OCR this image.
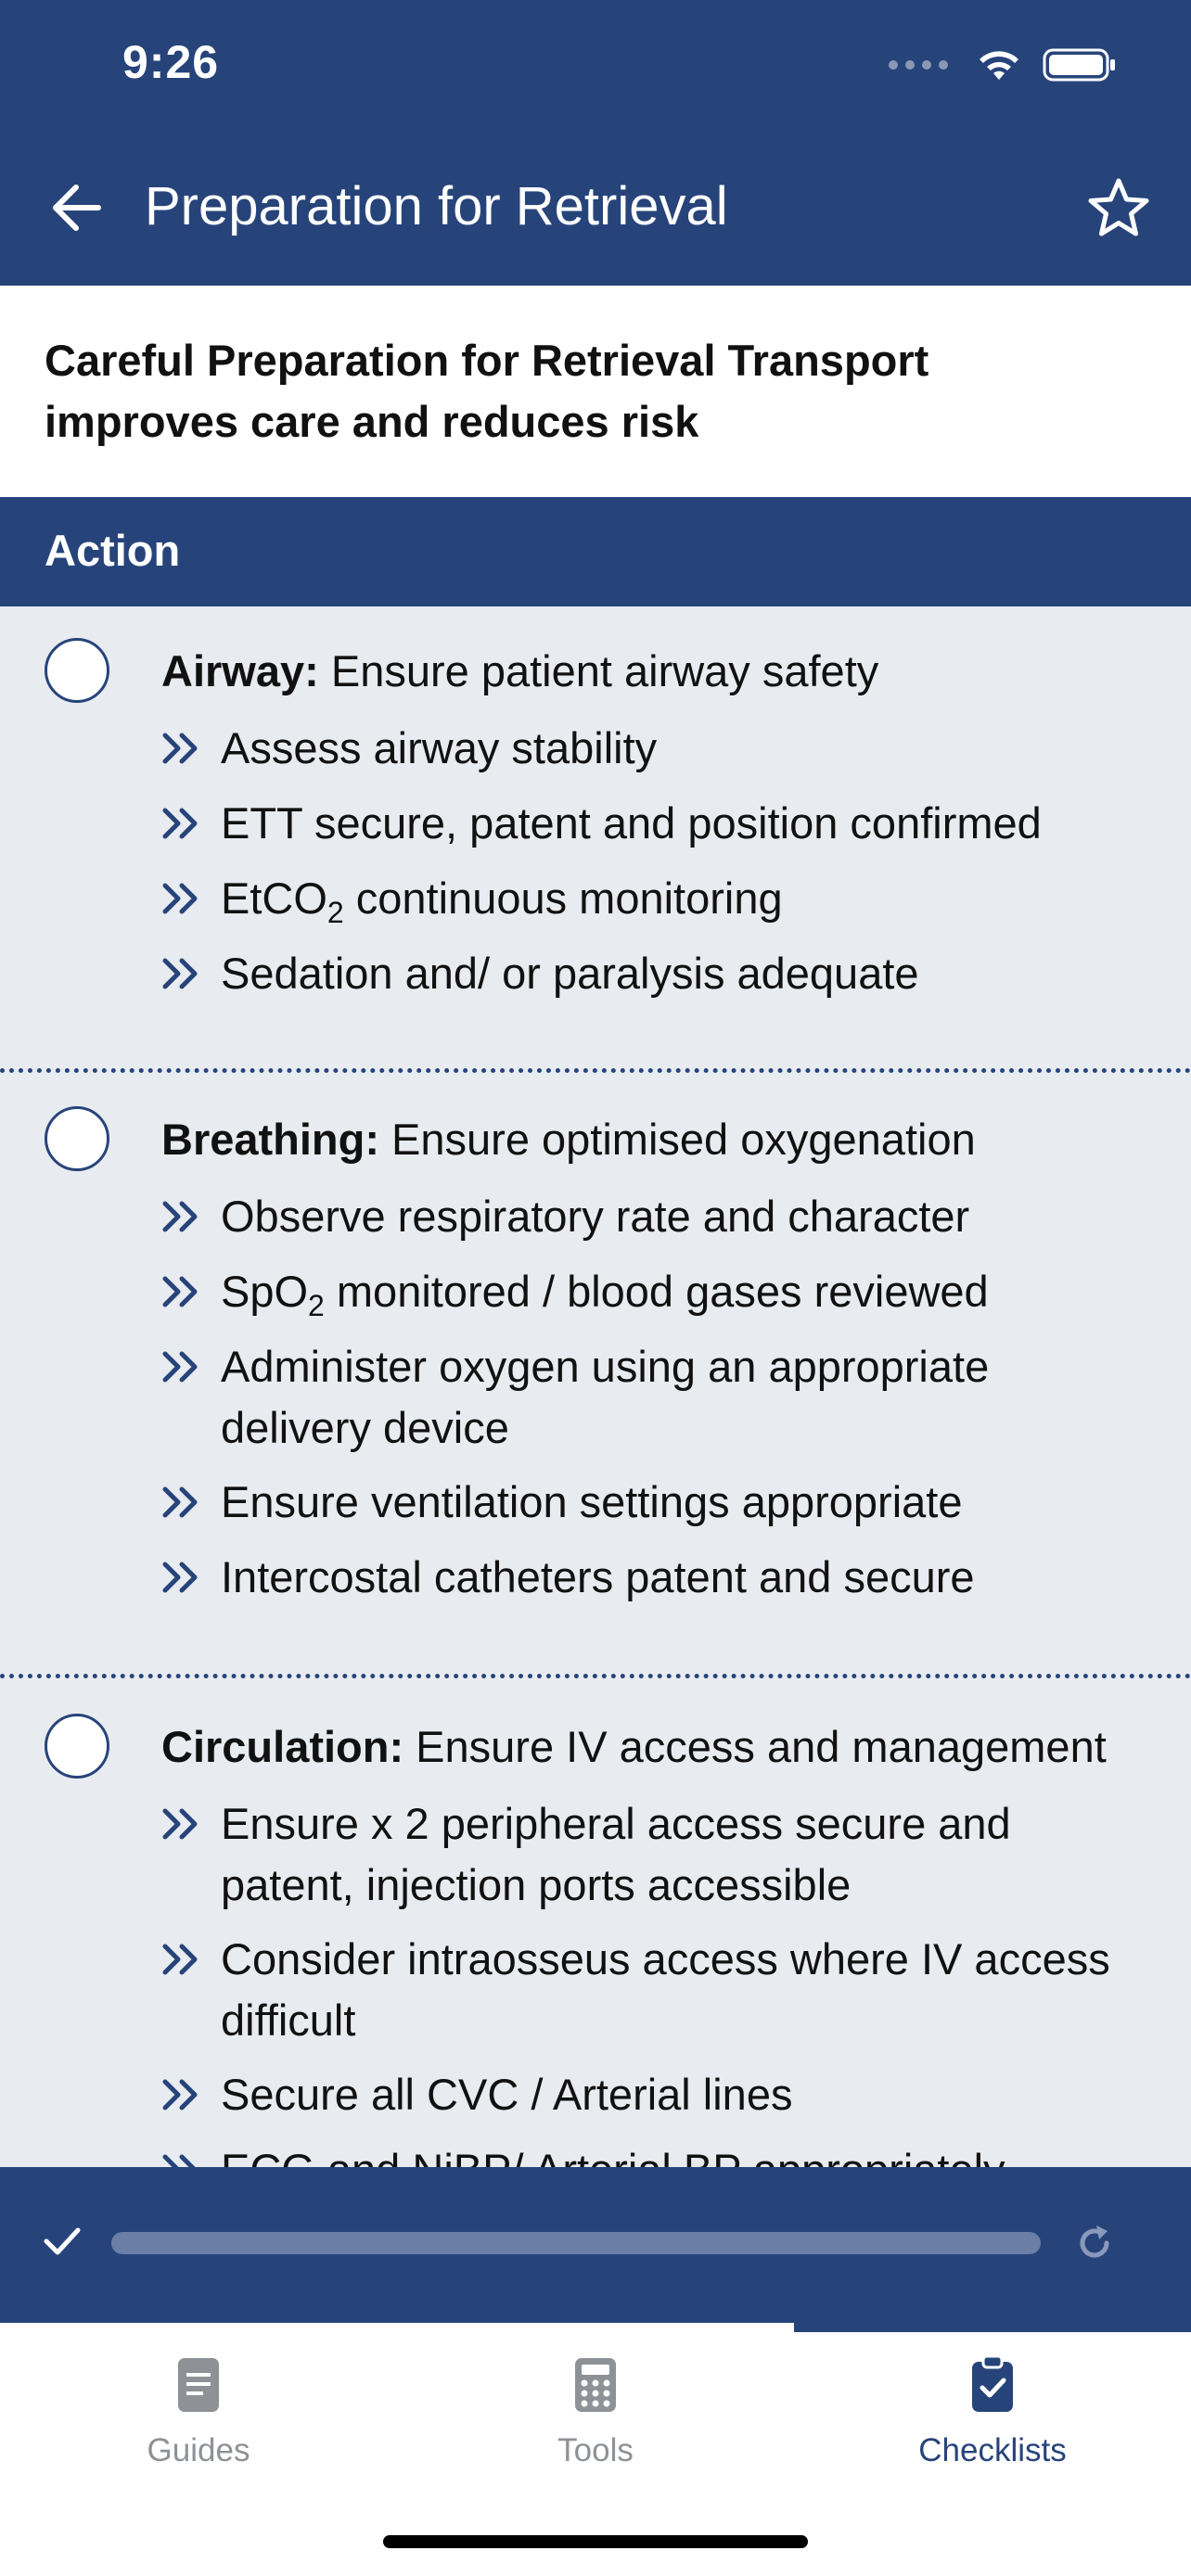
9:26
Preparation for Retrieval
Careful Preparation for Retrieval Transport improves care and reduces risk
Action
Airway: Ensure patient airway safety
Assess airway stability
ETT secure, patent and position confirmed
EtCO$_2$ continuous monitoring
Sedation and/ or paralysis adequate
Breathing: Ensure optimised oxygenation
Observe respiratory rate and character
SpO$_2$ monitored / blood gases reviewed
Administer oxygen using an appropriate delivery device
Ensure ventilation settings appropriate
Intercostal catheters patent and secure
Circulation: Ensure IV access and management
Ensure x 2 peripheral access secure and patent, injection ports accessible
Consider intraosseus access where IV access difficult
Secure all CVC / Arterial lines
Guides	Tools	Checklists
